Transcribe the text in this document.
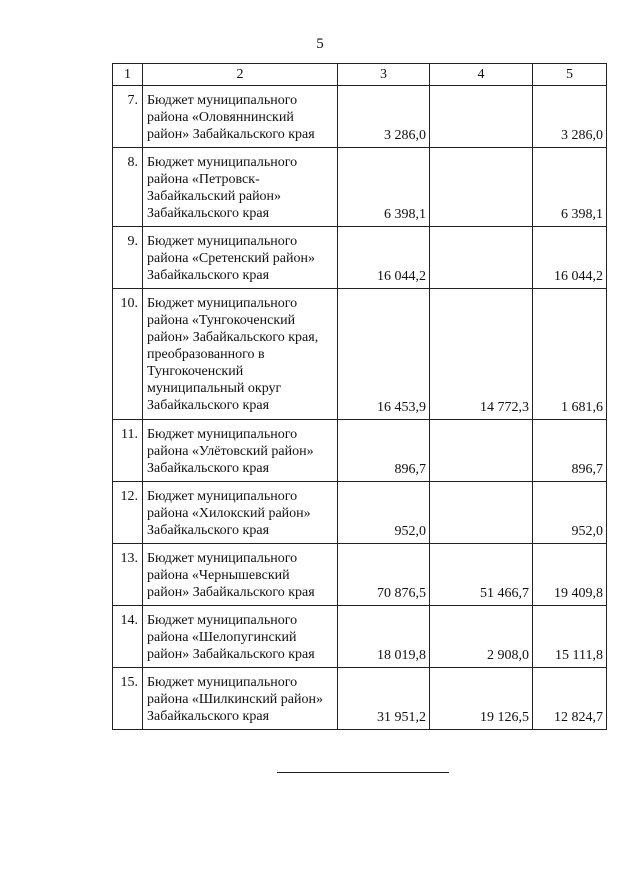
5
1	2	3	4	5
7.	Бюджет муниципального района «Оловяннинский район» Забайкальского края	3 286,0		3 286,0
8.	Бюджет муниципального района «Петровск-Забайкальский район» Забайкальского края	6 398,1		6 398,1
9.	Бюджет муниципального района «Сретенский район» Забайкальского края	16 044,2		16 044,2
10.	Бюджет муниципального района «Тунгокоченский район» Забайкальского края, преобразованного в Тунгокоченский муниципальный округ Забайкальского края	16 453,9	14 772,3	1 681,6
11.	Бюджет муниципального района «Улётовский район» Забайкальского края	896,7		896,7
12.	Бюджет муниципального района «Хилокский район» Забайкальского края	952,0		952,0
13.	Бюджет муниципального района «Чернышевский район» Забайкальского края	70 876,5	51 466,7	19 409,8
14.	Бюджет муниципального района «Шелопугинский район» Забайкальского края	18 019,8	2 908,0	15 111,8
15.	Бюджет муниципального района «Шилкинский район» Забайкальского края	31 951,2	19 126,5	12 824,7
